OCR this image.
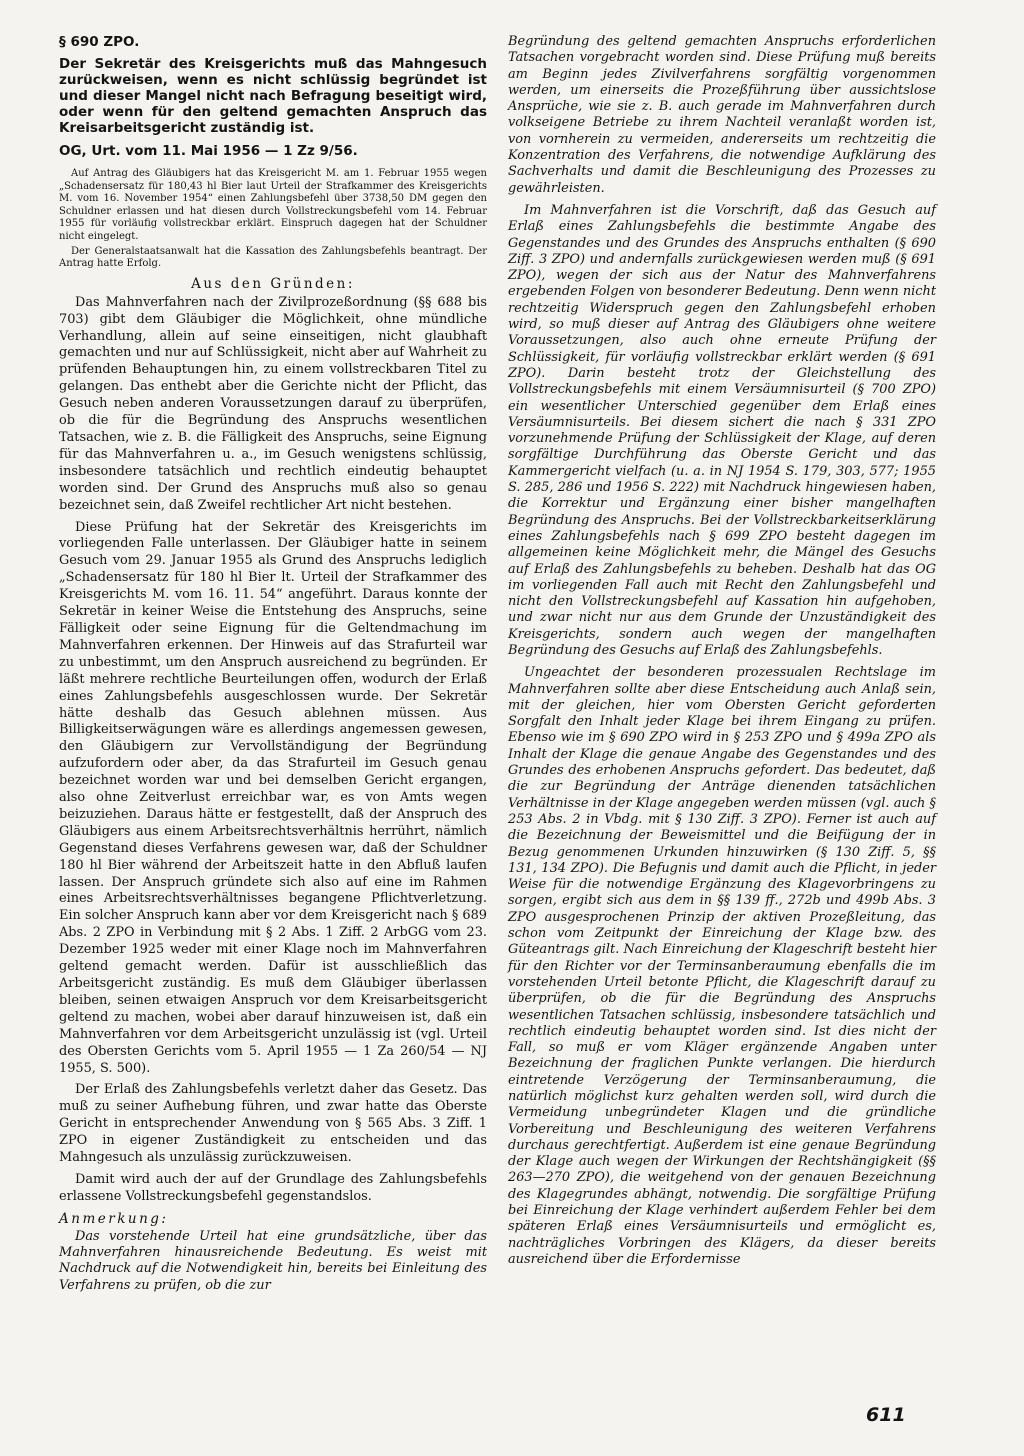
§ 690 ZPO.

Der Sekretär des Kreisgerichts muß das Mahngesuch zurückweisen, wenn es nicht schlüssig begründet ist und dieser Mangel nicht nach Befragung beseitigt wird, oder wenn für den geltend gemachten Anspruch das Kreisarbeitsgericht zuständig ist.

OG, Urt. vom 11. Mai 1956 — 1 Zz 9/56.

Auf Antrag des Gläubigers hat das Kreisgericht M. am 1. Februar 1955 wegen „Schadensersatz für 180,43 hl Bier laut Urteil der Strafkammer des Kreisgerichts M. vom 16. November 1954“ einen Zahlungsbefehl über 3738,50 DM gegen den Schuldner erlassen und hat diesen durch Vollstreckungsbefehl vom 14. Februar 1955 für vorläufig vollstreckbar erklärt. Einspruch dagegen hat der Schuldner nicht eingelegt.

Der Generalstaatsanwalt hat die Kassation des Zahlungsbefehls beantragt. Der Antrag hatte Erfolg.

Aus den Gründen:

Das Mahnverfahren nach der Zivilprozeßordnung (§§ 688 bis 703) gibt dem Gläubiger die Möglichkeit, ohne mündliche Verhandlung, allein auf seine einseitigen, nicht glaubhaft gemachten und nur auf Schlüssigkeit, nicht aber auf Wahrheit zu prüfenden Behauptungen hin, zu einem vollstreckbaren Titel zu gelangen. Das enthebt aber die Gerichte nicht der Pflicht, das Gesuch neben anderen Voraussetzungen darauf zu überprüfen, ob die für die Begründung des Anspruchs wesentlichen Tatsachen, wie z. B. die Fälligkeit des Anspruchs, seine Eignung für das Mahnverfahren u. a., im Gesuch wenigstens schlüssig, insbesondere tatsächlich und rechtlich eindeutig behauptet worden sind. Der Grund des Anspruchs muß also so genau bezeichnet sein, daß Zweifel rechtlicher Art nicht bestehen.

Diese Prüfung hat der Sekretär des Kreisgerichts im vorliegenden Falle unterlassen. Der Gläubiger hatte in seinem Gesuch vom 29. Januar 1955 als Grund des Anspruchs lediglich „Schadensersatz für 180 hl Bier lt. Urteil der Strafkammer des Kreisgerichts M. vom 16. 11. 54“ angeführt. Daraus konnte der Sekretär in keiner Weise die Entstehung des Anspruchs, seine Fälligkeit oder seine Eignung für die Geltendmachung im Mahnverfahren erkennen. Der Hinweis auf das Strafurteil war zu unbestimmt, um den Anspruch ausreichend zu begründen. Er läßt mehrere rechtliche Beurteilungen offen, wodurch der Erlaß eines Zahlungsbefehls ausgeschlossen wurde. Der Sekretär hätte deshalb das Gesuch ablehnen müssen. Aus Billigkeitserwägungen wäre es allerdings angemessen gewesen, den Gläubigern zur Vervollständigung der Begründung aufzufordern oder aber, da das Strafurteil im Gesuch genau bezeichnet worden war und bei demselben Gericht ergangen, also ohne Zeitverlust erreichbar war, es von Amts wegen beizuziehen. Daraus hätte er festgestellt, daß der Anspruch des Gläubigers aus einem Arbeitsrechtsverhältnis herrührt, nämlich Gegenstand dieses Verfahrens gewesen war, daß der Schuldner 180 hl Bier während der Arbeitszeit hatte in den Abfluß laufen lassen. Der Anspruch gründete sich also auf eine im Rahmen eines Arbeitsrechtsverhältnisses begangene Pflichtverletzung. Ein solcher Anspruch kann aber vor dem Kreisgericht nach § 689 Abs. 2 ZPO in Verbindung mit § 2 Abs. 1 Ziff. 2 ArbGG vom 23. Dezember 1925 weder mit einer Klage noch im Mahnverfahren geltend gemacht werden. Dafür ist ausschließlich das Arbeitsgericht zuständig. Es muß dem Gläubiger überlassen bleiben, seinen etwaigen Anspruch vor dem Kreisarbeitsgericht geltend zu machen, wobei aber darauf hinzuweisen ist, daß ein Mahnverfahren vor dem Arbeitsgericht unzulässig ist (vgl. Urteil des Obersten Gerichts vom 5. April 1955 — 1 Za 260/54 — NJ 1955, S. 500).

Der Erlaß des Zahlungsbefehls verletzt daher das Gesetz. Das muß zu seiner Aufhebung führen, und zwar hatte das Oberste Gericht in entsprechender Anwendung von § 565 Abs. 3 Ziff. 1 ZPO in eigener Zuständigkeit zu entscheiden und das Mahngesuch als unzulässig zurückzuweisen.

Damit wird auch der auf der Grundlage des Zahlungsbefehls erlassene Vollstreckungsbefehl gegenstandslos.

Anmerkung:

Das vorstehende Urteil hat eine grundsätzliche, über das Mahnverfahren hinausreichende Bedeutung. Es weist mit Nachdruck auf die Notwendigkeit hin, bereits bei Einleitung des Verfahrens zu prüfen, ob die zur

Begründung des geltend gemachten Anspruchs erforderlichen Tatsachen vorgebracht worden sind. Diese Prüfung muß bereits am Beginn jedes Zivilverfahrens sorgfältig vorgenommen werden, um einerseits die Prozeßführung über aussichtslose Ansprüche, wie sie z. B. auch gerade im Mahnverfahren durch volkseigene Betriebe zu ihrem Nachteil veranlaßt worden ist, von vornherein zu vermeiden, andererseits um rechtzeitig die Konzentration des Verfahrens, die notwendige Aufklärung des Sachverhalts und damit die Beschleunigung des Prozesses zu gewährleisten.

Im Mahnverfahren ist die Vorschrift, daß das Gesuch auf Erlaß eines Zahlungsbefehls die bestimmte Angabe des Gegenstandes und des Grundes des Anspruchs enthalten (§ 690 Ziff. 3 ZPO) und andernfalls zurückgewiesen werden muß (§ 691 ZPO), wegen der sich aus der Natur des Mahnverfahrens ergebenden Folgen von besonderer Bedeutung. Denn wenn nicht rechtzeitig Widerspruch gegen den Zahlungsbefehl erhoben wird, so muß dieser auf Antrag des Gläubigers ohne weitere Voraussetzungen, also auch ohne erneute Prüfung der Schlüssigkeit, für vorläufig vollstreckbar erklärt werden (§ 691 ZPO). Darin besteht trotz der Gleichstellung des Vollstreckungsbefehls mit einem Versäumnisurteil (§ 700 ZPO) ein wesentlicher Unterschied gegenüber dem Erlaß eines Versäumnisurteils. Bei diesem sichert die nach § 331 ZPO vorzunehmende Prüfung der Schlüssigkeit der Klage, auf deren sorgfältige Durchführung das Oberste Gericht und das Kammergericht vielfach (u. a. in NJ 1954 S. 179, 303, 577; 1955 S. 285, 286 und 1956 S. 222) mit Nachdruck hingewiesen haben, die Korrektur und Ergänzung einer bisher mangelhaften Begründung des Anspruchs. Bei der Vollstreckbarkeitserklärung eines Zahlungsbefehls nach § 699 ZPO besteht dagegen im allgemeinen keine Möglichkeit mehr, die Mängel des Gesuchs auf Erlaß des Zahlungsbefehls zu beheben. Deshalb hat das OG im vorliegenden Fall auch mit Recht den Zahlungsbefehl und nicht den Vollstreckungsbefehl auf Kassation hin aufgehoben, und zwar nicht nur aus dem Grunde der Unzuständigkeit des Kreisgerichts, sondern auch wegen der mangelhaften Begründung des Gesuchs auf Erlaß des Zahlungsbefehls.

Ungeachtet der besonderen prozessualen Rechtslage im Mahnverfahren sollte aber diese Entscheidung auch Anlaß sein, mit der gleichen, hier vom Obersten Gericht geforderten Sorgfalt den Inhalt jeder Klage bei ihrem Eingang zu prüfen. Ebenso wie im § 690 ZPO wird in § 253 ZPO und § 499a ZPO als Inhalt der Klage die genaue Angabe des Gegenstandes und des Grundes des erhobenen Anspruchs gefordert. Das bedeutet, daß die zur Begründung der Anträge dienenden tatsächlichen Verhältnisse in der Klage angegeben werden müssen (vgl. auch § 253 Abs. 2 in Vbdg. mit § 130 Ziff. 3 ZPO). Ferner ist auch auf die Bezeichnung der Beweismittel und die Beifügung der in Bezug genommenen Urkunden hinzuwirken (§ 130 Ziff. 5, §§ 131, 134 ZPO). Die Befugnis und damit auch die Pflicht, in jeder Weise für die notwendige Ergänzung des Klagevorbringens zu sorgen, ergibt sich aus dem in §§ 139 ff., 272b und 499b Abs. 3 ZPO ausgesprochenen Prinzip der aktiven Prozeßleitung, das schon vom Zeitpunkt der Einreichung der Klage bzw. des Güteantrags gilt. Nach Einreichung der Klageschrift besteht hier für den Richter vor der Terminsanberaumung ebenfalls die im vorstehenden Urteil betonte Pflicht, die Klageschrift darauf zu überprüfen, ob die für die Begründung des Anspruchs wesentlichen Tatsachen schlüssig, insbesondere tatsächlich und rechtlich eindeutig behauptet worden sind. Ist dies nicht der Fall, so muß er vom Kläger ergänzende Angaben unter Bezeichnung der fraglichen Punkte verlangen. Die hierdurch eintretende Verzögerung der Terminsanberaumung, die natürlich möglichst kurz gehalten werden soll, wird durch die Vermeidung unbegründeter Klagen und die gründliche Vorbereitung und Beschleunigung des weiteren Verfahrens durchaus gerechtfertigt. Außerdem ist eine genaue Begründung der Klage auch wegen der Wirkungen der Rechtshängigkeit (§§ 263—270 ZPO), die weitgehend von der genauen Bezeichnung des Klagegrundes abhängt, notwendig. Die sorgfältige Prüfung bei Einreichung der Klage verhindert außerdem Fehler bei dem späteren Erlaß eines Versäumnisurteils und ermöglicht es, nachträgliches Vorbringen des Klägers, da dieser bereits ausreichend über die Erfordernisse

611
